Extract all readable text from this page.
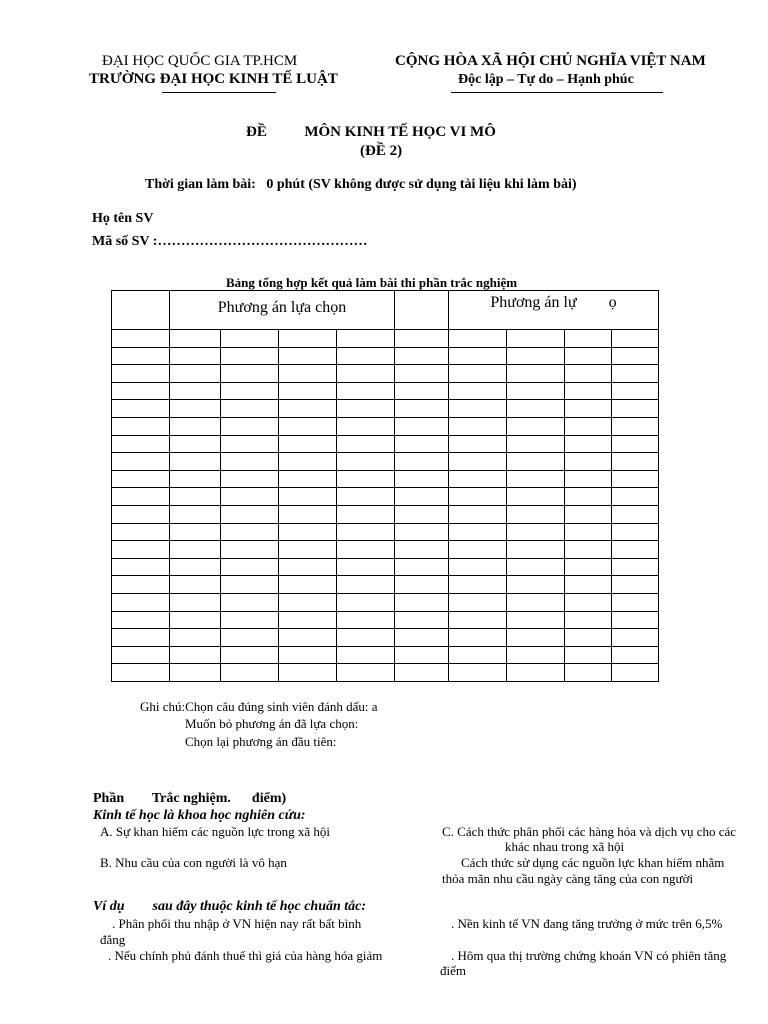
ĐẠI HỌC QUỐC GIA TP.HCM
TRƯỜNG ĐẠI HỌC KINH TẾ LUẬT
CỘNG HÒA XÃ HỘI CHỦ NGHĨA VIỆT NAM
Độc lập – Tự do – Hạnh phúc
ĐỀ          MÔN KINH TẾ HỌC VI MÔ
(ĐỀ 2)
Thời gian làm bài:   0 phút (SV không được sử dụng tài liệu khi làm bài)
Họ tên SV
Mã số SV :………………………………………
Bảng tổng hợp kết quả làm bài thi phần trắc nghiệm

	Phương án lựa chọn					Phương án lự        ọ			

Ghi chú:Chọn câu đúng sinh viên đánh dấu: a
Muốn bỏ phương án đã lựa chọn:
Chọn lại phương án đầu tiên:
Phần        Trắc nghiệm.      điểm)
Kinh tế học là khoa học nghiên cứu:
A. Sự khan hiếm các nguồn lực trong xã hội
B. Nhu cầu của con người là vô hạn
C. Cách thức phân phối các hàng hóa và dịch vụ cho các
khác nhau trong xã hội
Cách thức sử dụng các nguồn lực khan hiếm nhằm
thỏa mãn nhu cầu ngày càng tăng của con người
Ví dụ        sau đây thuộc kinh tế học chuẩn tắc:
. Phân phối thu nhập ở VN hiện nay rất bất bình
đẳng
. Nếu chính phủ đánh thuế thì giá của hàng hóa giảm
. Nền kinh tế VN đang tăng trưởng ở mức trên 6,5%
. Hôm qua thị trường chứng khoán VN có phiên tăng
điểm
